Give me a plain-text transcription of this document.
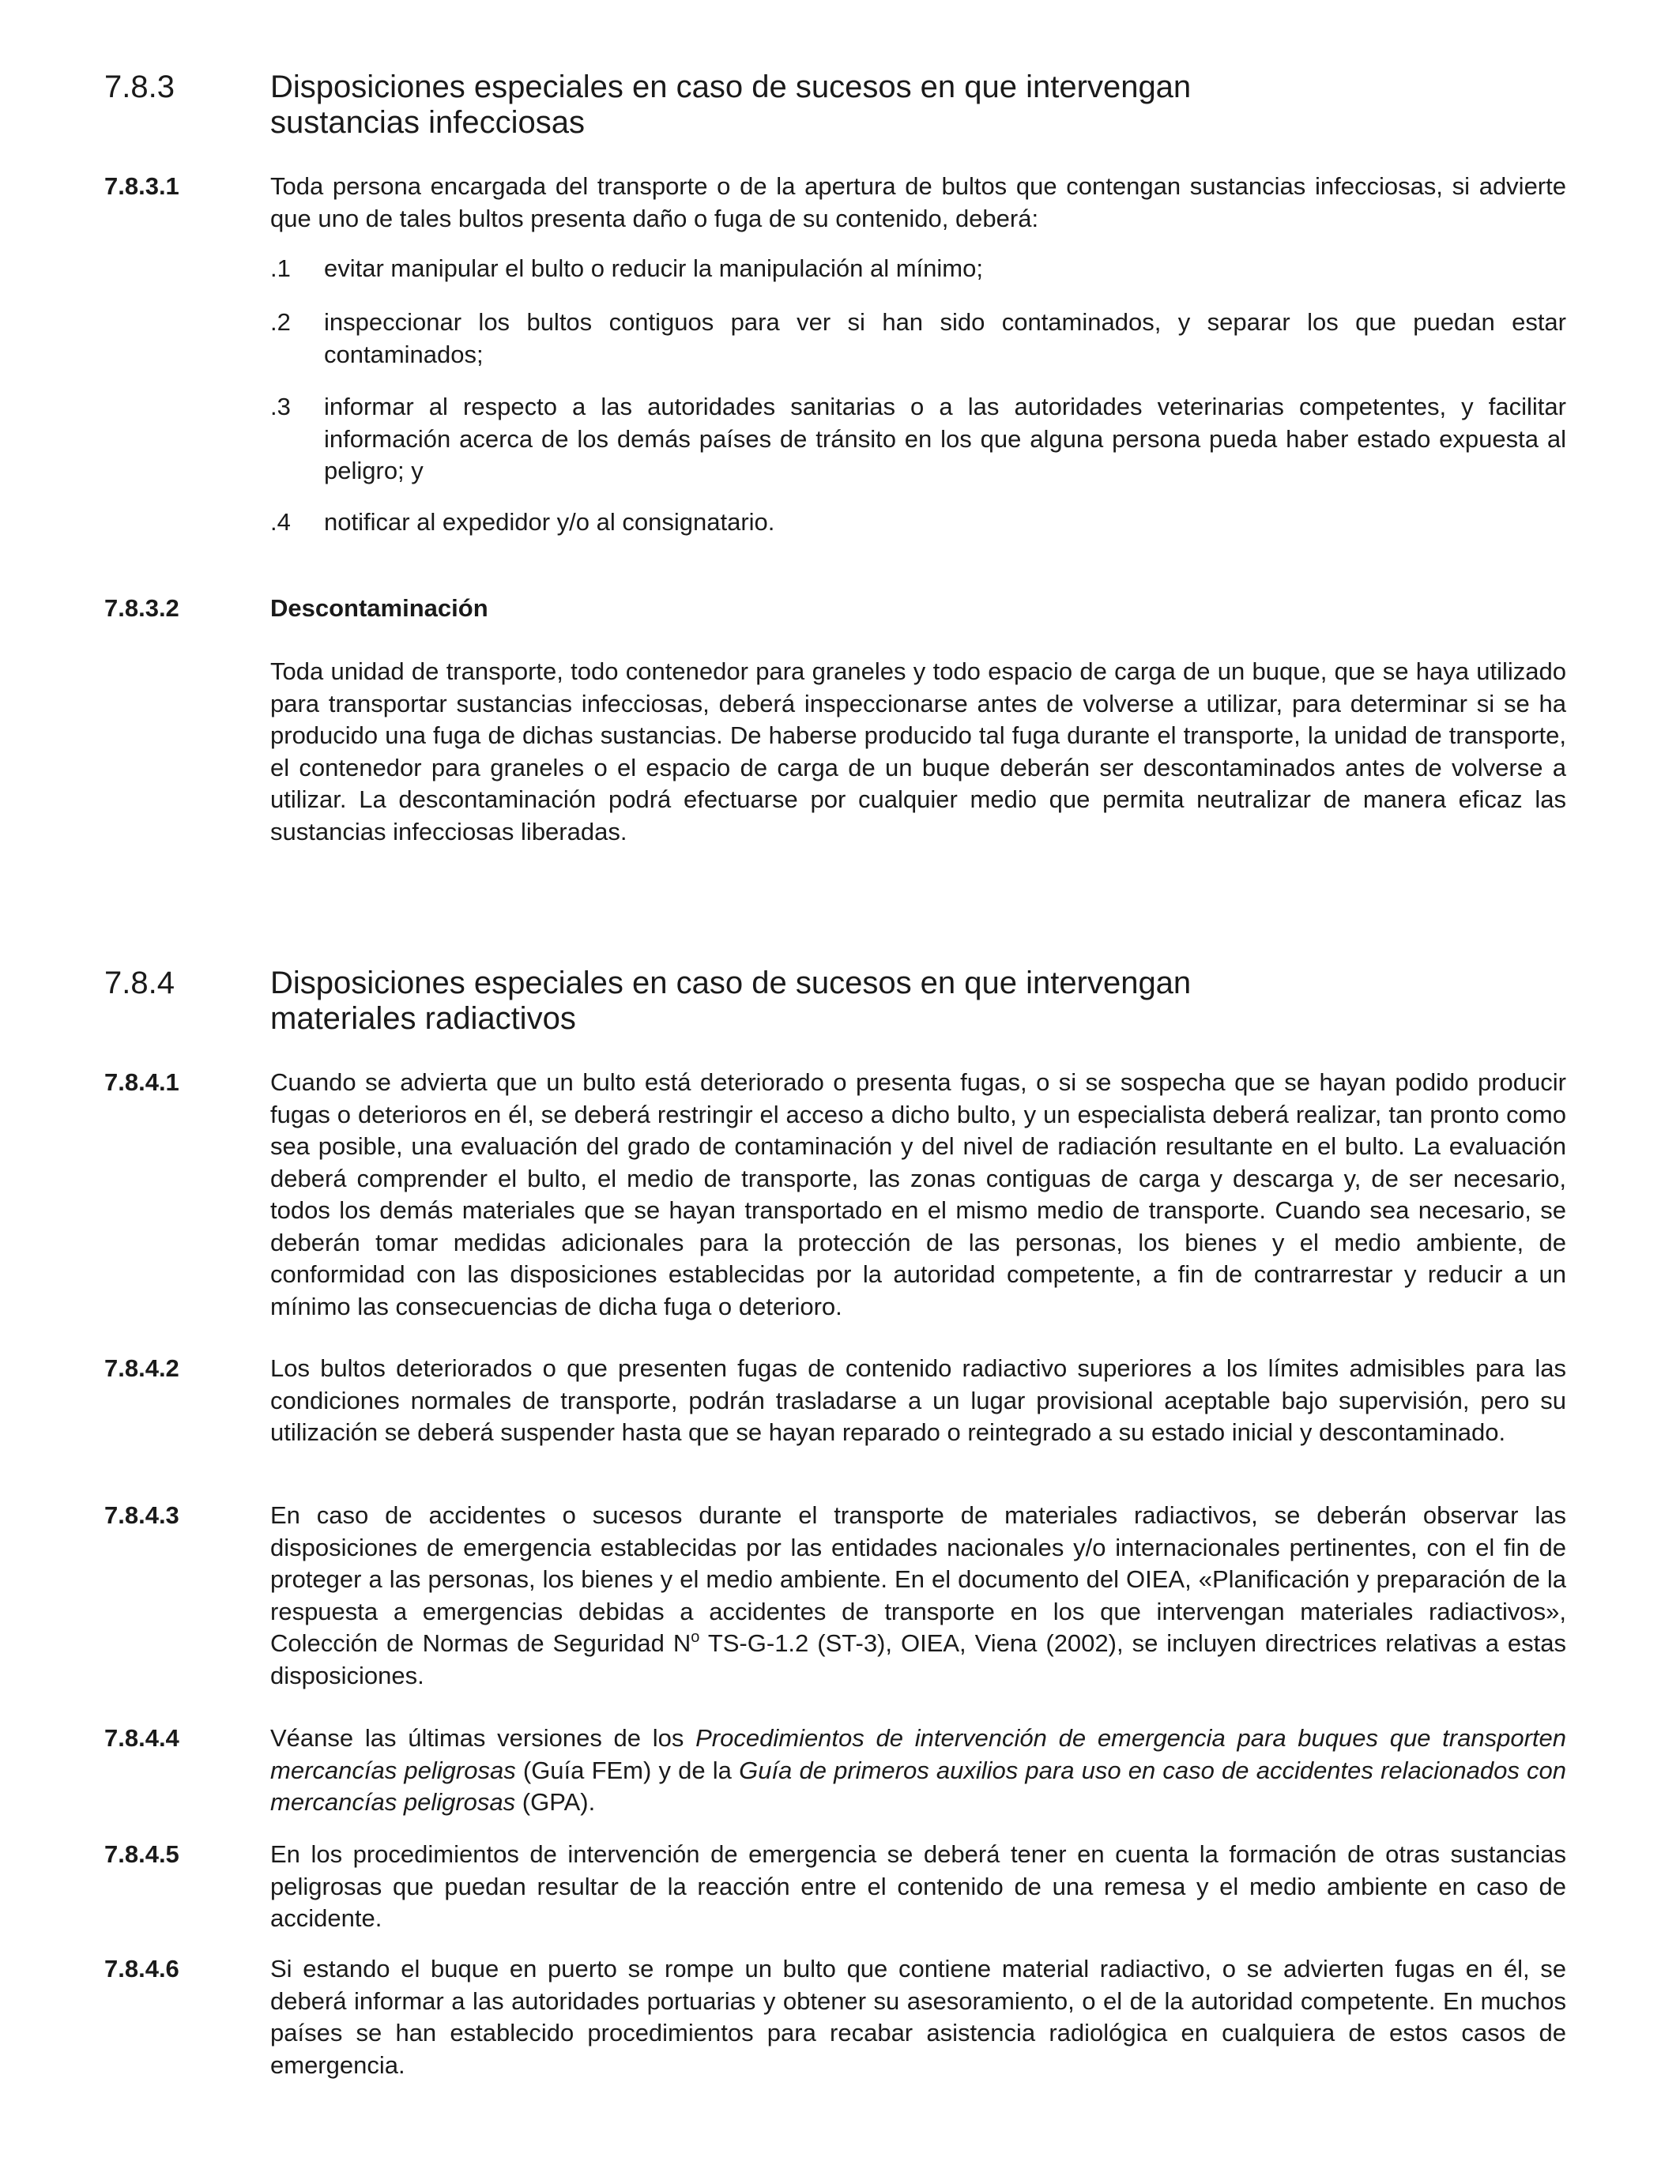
7.8.3	Disposiciones especiales en caso de sucesos en que intervengan
sustancias infecciosas
7.8.3.1	Toda persona encargada del transporte o de la apertura de bultos que contengan sustancias infecciosas, si advierte que uno de tales bultos presenta daño o fuga de su contenido, deberá:
.1 evitar manipular el bulto o reducir la manipulación al mínimo;
.2 inspeccionar los bultos contiguos para ver si han sido contaminados, y separar los que puedan estar contaminados;
.3 informar al respecto a las autoridades sanitarias o a las autoridades veterinarias competentes, y facilitar información acerca de los demás países de tránsito en los que alguna persona pueda haber estado expuesta al peligro; y
.4 notificar al expedidor y/o al consignatario.
7.8.3.2	Descontaminación
Toda unidad de transporte, todo contenedor para graneles y todo espacio de carga de un buque, que se haya utilizado para transportar sustancias infecciosas, deberá inspeccionarse antes de volverse a utilizar, para determinar si se ha producido una fuga de dichas sustancias. De haberse producido tal fuga durante el transporte, la unidad de transporte, el contenedor para graneles o el espacio de carga de un buque deberán ser descontaminados antes de volverse a utilizar. La descontaminación podrá efectuarse por cualquier medio que permita neutralizar de manera eficaz las sustancias infecciosas liberadas.
7.8.4	Disposiciones especiales en caso de sucesos en que intervengan
materiales radiactivos
7.8.4.1	Cuando se advierta que un bulto está deteriorado o presenta fugas, o si se sospecha que se hayan podido producir fugas o deterioros en él, se deberá restringir el acceso a dicho bulto, y un especialista deberá realizar, tan pronto como sea posible, una evaluación del grado de contaminación y del nivel de radiación resultante en el bulto. La evaluación deberá comprender el bulto, el medio de transporte, las zonas contiguas de carga y descarga y, de ser necesario, todos los demás materiales que se hayan transportado en el mismo medio de transporte. Cuando sea necesario, se deberán tomar medidas adicionales para la protección de las personas, los bienes y el medio ambiente, de conformidad con las disposiciones establecidas por la autoridad competente, a fin de contrarrestar y reducir a un mínimo las consecuencias de dicha fuga o deterioro.
7.8.4.2	Los bultos deteriorados o que presenten fugas de contenido radiactivo superiores a los límites admisibles para las condiciones normales de transporte, podrán trasladarse a un lugar provisional aceptable bajo supervisión, pero su utilización se deberá suspender hasta que se hayan reparado o reintegrado a su estado inicial y descontaminado.
7.8.4.3	En caso de accidentes o sucesos durante el transporte de materiales radiactivos, se deberán observar las disposiciones de emergencia establecidas por las entidades nacionales y/o internacionales pertinentes, con el fin de proteger a las personas, los bienes y el medio ambiente. En el documento del OIEA, «Planificación y preparación de la respuesta a emergencias debidas a accidentes de transporte en los que intervengan materiales radiactivos», Colección de Normas de Seguridad $N^o$ TS-G-1.2 (ST-3), OIEA, Viena (2002), se incluyen directrices relativas a estas disposiciones.
7.8.4.4	Véanse las últimas versiones de los Procedimientos de intervención de emergencia para buques que transporten mercancías peligrosas (Guía FEm) y de la Guía de primeros auxilios para uso en caso de accidentes relacionados con mercancías peligrosas (GPA).
7.8.4.5	En los procedimientos de intervención de emergencia se deberá tener en cuenta la formación de otras sustancias peligrosas que puedan resultar de la reacción entre el contenido de una remesa y el medio ambiente en caso de accidente.
7.8.4.6	Si estando el buque en puerto se rompe un bulto que contiene material radiactivo, o se advierten fugas en él, se deberá informar a las autoridades portuarias y obtener su asesoramiento, o el de la autoridad competente. En muchos países se han establecido procedimientos para recabar asistencia radiológica en cualquiera de estos casos de emergencia.
